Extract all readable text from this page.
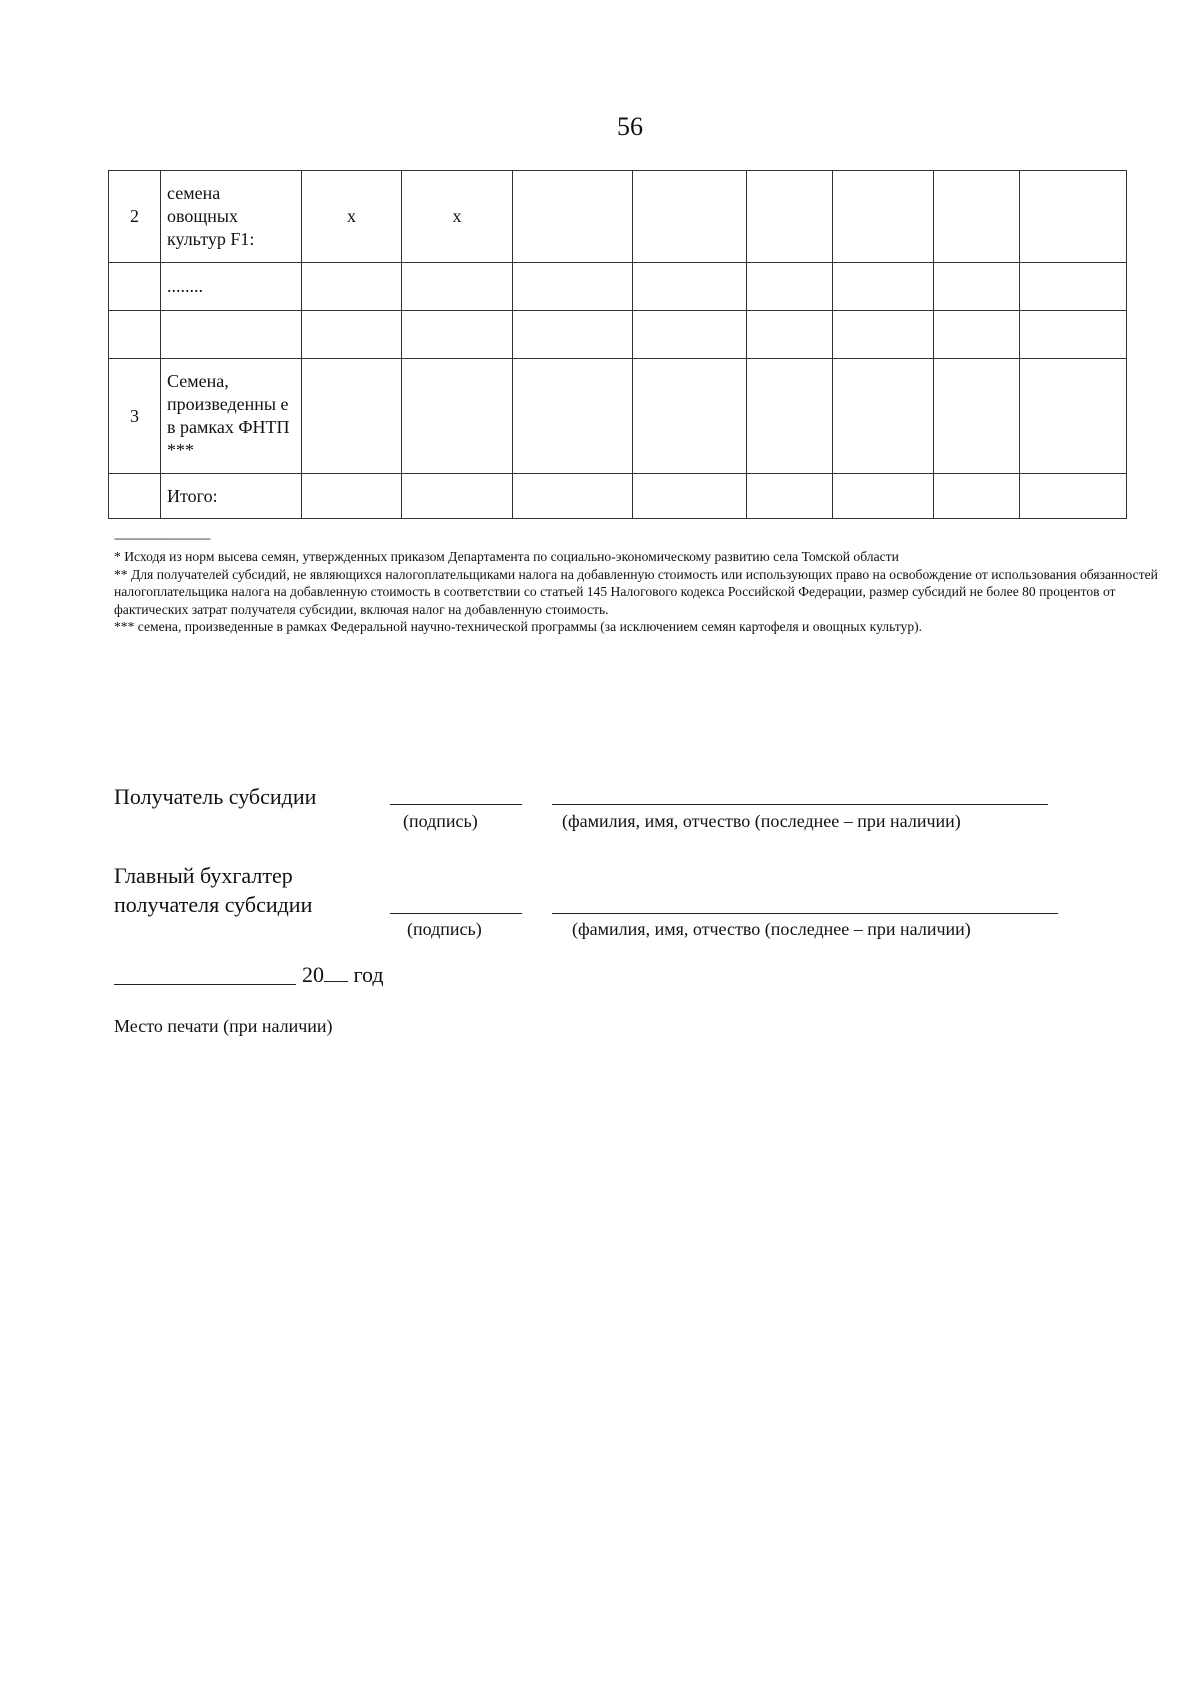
56
2	семена овощных культур F1:	x	x						
	........								

3	Семена, произведенны е в рамках ФНТП ***								
	Итого:								
--------------------------------

* Исходя из норм высева семян, утвержденных приказом Департамента по социально-экономическому развитию села Томской области

** Для получателей субсидий, не являющихся налогоплательщиками налога на добавленную стоимость или использующих право на освобождение от использования обязанностей налогоплательщика налога на добавленную стоимость в соответствии со статьей 145 Налогового кодекса Российской Федерации, размер субсидий не более 80 процентов от фактических затрат получателя субсидии, включая налог на добавленную стоимость.

*** семена, произведенные в рамках Федеральной научно-технической программы (за исключением семян картофеля и овощных культур).

Получатель субсидии
(подпись)	(фамилия, имя, отчество (последнее – при наличии)
Главный бухгалтер
получателя субсидии
(подпись)	(фамилия, имя, отчество (последнее – при наличии)
20 год
Место печати (при наличии)
